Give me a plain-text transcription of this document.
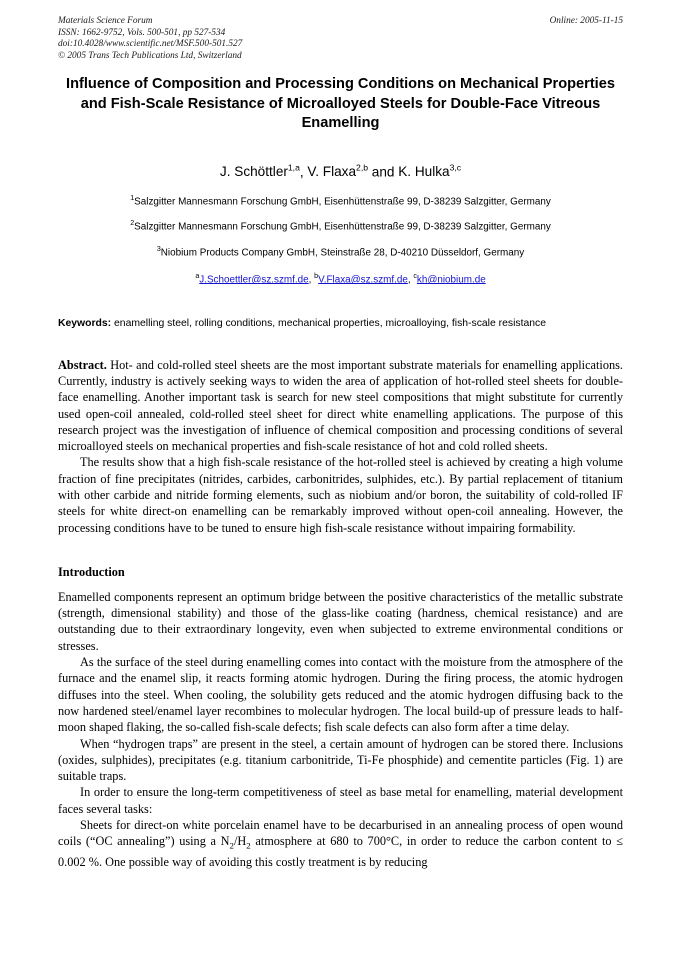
Online: 2005-11-15
Materials Science Forum
ISSN: 1662-9752, Vols. 500-501, pp 527-534
doi:10.4028/www.scientific.net/MSF.500-501.527
© 2005 Trans Tech Publications Ltd, Switzerland
Influence of Composition and Processing Conditions on Mechanical Properties and Fish-Scale Resistance of Microalloyed Steels for Double-Face Vitreous Enamelling
J. Schöttler$^{1,a}$, V. Flaxa$^{2,b}$ and K. Hulka$^{3,c}$
$^1$Salzgitter Mannesmann Forschung GmbH, Eisenhüttenstraße 99, D-38239 Salzgitter, Germany
$^2$Salzgitter Mannesmann Forschung GmbH, Eisenhüttenstraße 99, D-38239 Salzgitter, Germany
$^3$Niobium Products Company GmbH, Steinstraße 28, D-40210 Düsseldorf, Germany
$^a$J.Schoettler@sz.szmf.de, $^b$V.Flaxa@sz.szmf.de, $^c$kh@niobium.de
Keywords: enamelling steel, rolling conditions, mechanical properties, microalloying, fish-scale resistance

Abstract. Hot- and cold-rolled steel sheets are the most important substrate materials for enamelling applications. Currently, industry is actively seeking ways to widen the area of application of hot-rolled steel sheets for double-face enamelling. Another important task is search for new steel compositions that might substitute for currently used open-coil annealed, cold-rolled steel sheet for direct white enamelling applications. The purpose of this research project was the investigation of influence of chemical composition and processing conditions of several microalloyed steels on mechanical properties and fish-scale resistance of hot and cold rolled sheets.

The results show that a high fish-scale resistance of the hot-rolled steel is achieved by creating a high volume fraction of fine precipitates (nitrides, carbides, carbonitrides, sulphides, etc.). By partial replacement of titanium with other carbide and nitride forming elements, such as niobium and/or boron, the suitability of cold-rolled IF steels for white direct-on enamelling can be remarkably improved without open-coil annealing. However, the processing conditions have to be tuned to ensure high fish-scale resistance without impairing formability.

Introduction

Enamelled components represent an optimum bridge between the positive characteristics of the metallic substrate (strength, dimensional stability) and those of the glass-like coating (hardness, chemical resistance) and are outstanding due to their extraordinary longevity, even when subjected to extreme environmental conditions or stresses.

As the surface of the steel during enamelling comes into contact with the moisture from the atmosphere of the furnace and the enamel slip, it reacts forming atomic hydrogen. During the firing process, the atomic hydrogen diffuses into the steel. When cooling, the solubility gets reduced and the atomic hydrogen diffusing back to the now hardened steel/enamel layer recombines to molecular hydrogen. The local build-up of pressure leads to half-moon shaped flaking, the so-called fish-scale defects; fish scale defects can also form after a time delay.

When “hydrogen traps” are present in the steel, a certain amount of hydrogen can be stored there. Inclusions (oxides, sulphides), precipitates (e.g. titanium carbonitride, Ti-Fe phosphide) and cementite particles (Fig. 1) are suitable traps.

In order to ensure the long-term competitiveness of steel as base metal for enamelling, material development faces several tasks:

Sheets for direct-on white porcelain enamel have to be decarburised in an annealing process of open wound coils (“OC annealing”) using a $N_2/H_2$ atmosphere at 680 to 700°C, in order to reduce the carbon content to ≤ 0.002 %. One possible way of avoiding this costly treatment is by reducing
